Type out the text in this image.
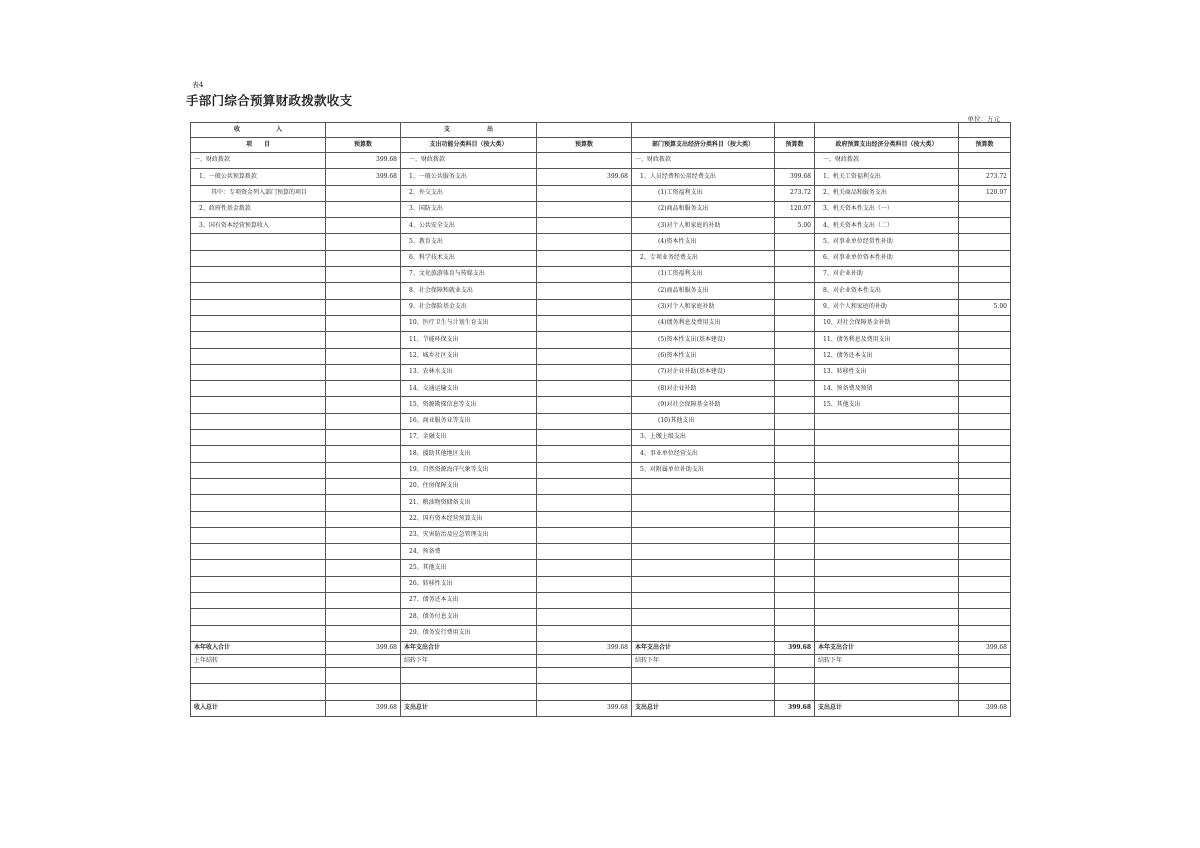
表4
手部门综合预算财政拨款收支
单位：万元
收 入		支 出					

项　　目	预算数	支出功能分类科目（按大类）	预算数	部门预算支出经济分类科目（按大类）	预算数	政府预算支出经济分类科目（按大类）	预算数
一、财政拨款	399.68	一、财政拨款		一、财政拨款		一、财政拨款	
1、一般公共预算拨款	399.68	1、一般公共服务支出	399.68	1、人员经费和公用经费支出	399.68	1、机关工资福利支出	273.72
其中：专项资金列入部门预算的项目		2、外交支出		(1)工资福利支出	273.72	2、机关商品和服务支出	120.97
2、政府性基金拨款		3、国防支出		(2)商品和服务支出	120.97	3、机关资本性支出（一）	
3、国有资本经营预算收入		4、公共安全支出		(3)对个人和家庭的补助	5.00	4、机关资本性支出（二）	
		5、教育支出		(4)资本性支出		5、对事业单位经常性补助	
		6、科学技术支出		2、专项业务经费支出		6、对事业单位资本性补助	
		7、文化旅游体育与传媒支出		(1)工资福利支出		7、对企业补助	
		8、社会保障和就业支出		(2)商品和服务支出		8、对企业资本性支出	
		9、社会保险基金支出		(3)对个人和家庭补助		9、对个人和家庭的补助	5.00
		10、医疗卫生与计划生育支出		(4)债务利息及费用支出		10、对社会保障基金补助	
		11、节能环保支出		(5)资本性支出(基本建设)		11、债务利息及费用支出	
		12、城乡社区支出		(6)资本性支出		12、债务还本支出	
		13、农林水支出		(7)对企业补助(基本建设)		13、转移性支出	
		14、交通运输支出		(8)对企业补助		14、预备费及预留	
		15、资源勘探信息等支出		(9)对社会保障基金补助		15、其他支出	
		16、商业服务业等支出		(10)其他支出			
		17、金融支出		3、上缴上级支出			
		18、援助其他地区支出		4、事业单位经营支出			
		19、自然资源海洋气象等支出		5、对附属单位补助支出			
		20、住房保障支出					
		21、粮油物资储备支出					
		22、国有资本经营预算支出					
		23、灾害防治及应急管理支出					
		24、预备费					
		25、其他支出					
		26、转移性支出					
		27、债务还本支出					
		28、债务付息支出					
		29、债务发行费用支出					
本年收入合计	399.68	本年支出合计	399.68	本年支出合计	399.68	本年支出合计	399.68
上年结转		结转下年		结转下年		结转下年	

收入总计	399.68	支出总计	399.68	支出总计	399.68	支出总计	399.68
